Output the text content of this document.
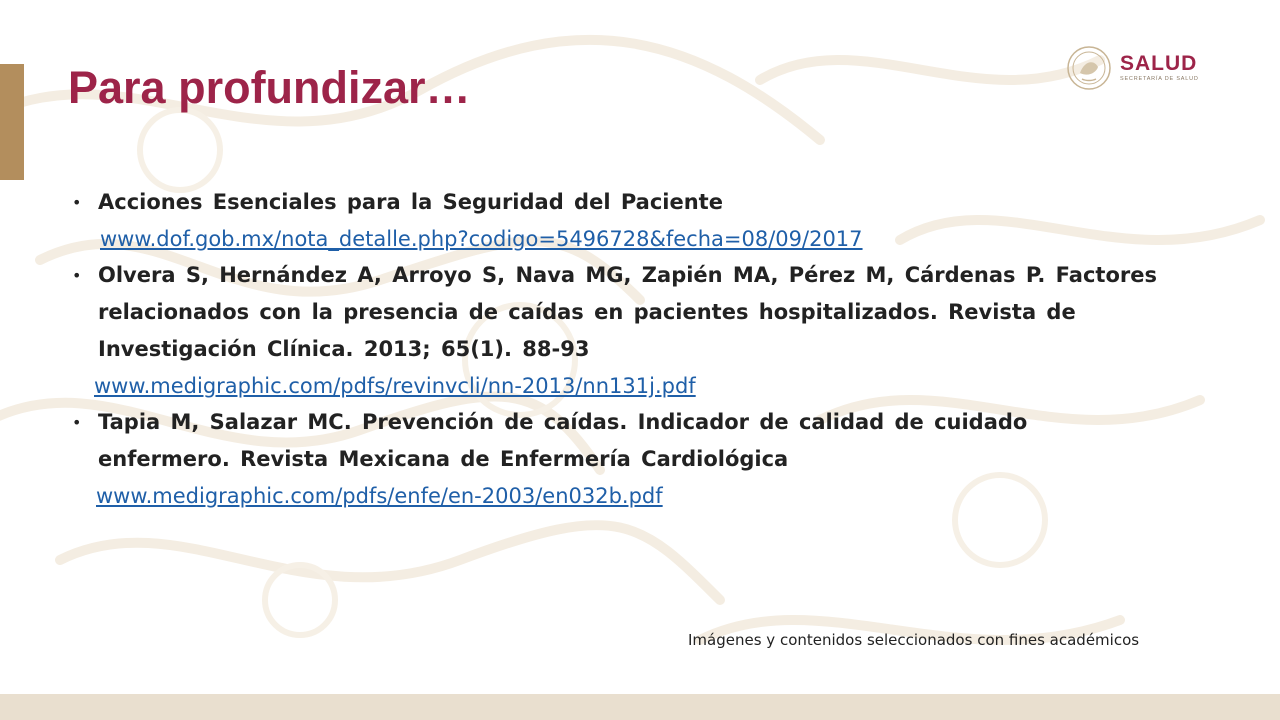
Para profundizar…	SALUD
SECRETARÍA DE SALUD
• Acciones Esenciales para la Seguridad del Paciente

www.dof.gob.mx/nota_detalle.php?codigo=5496728&fecha=08/09/2017
• Olvera S, Hernández A, Arroyo S, Nava MG, Zapién MA, Pérez M, Cárdenas P. Factores relacionados con la presencia de caídas en pacientes hospitalizados. Revista de Investigación Clínica. 2013; 65(1). 88-93

www.medigraphic.com/pdfs/revinvcli/nn-2013/nn131j.pdf
• Tapia M, Salazar MC. Prevención de caídas. Indicador de calidad de cuidado enfermero. Revista Mexicana de Enfermería Cardiológica

www.medigraphic.com/pdfs/enfe/en-2003/en032b.pdf
Imágenes y contenidos seleccionados con fines académicos
